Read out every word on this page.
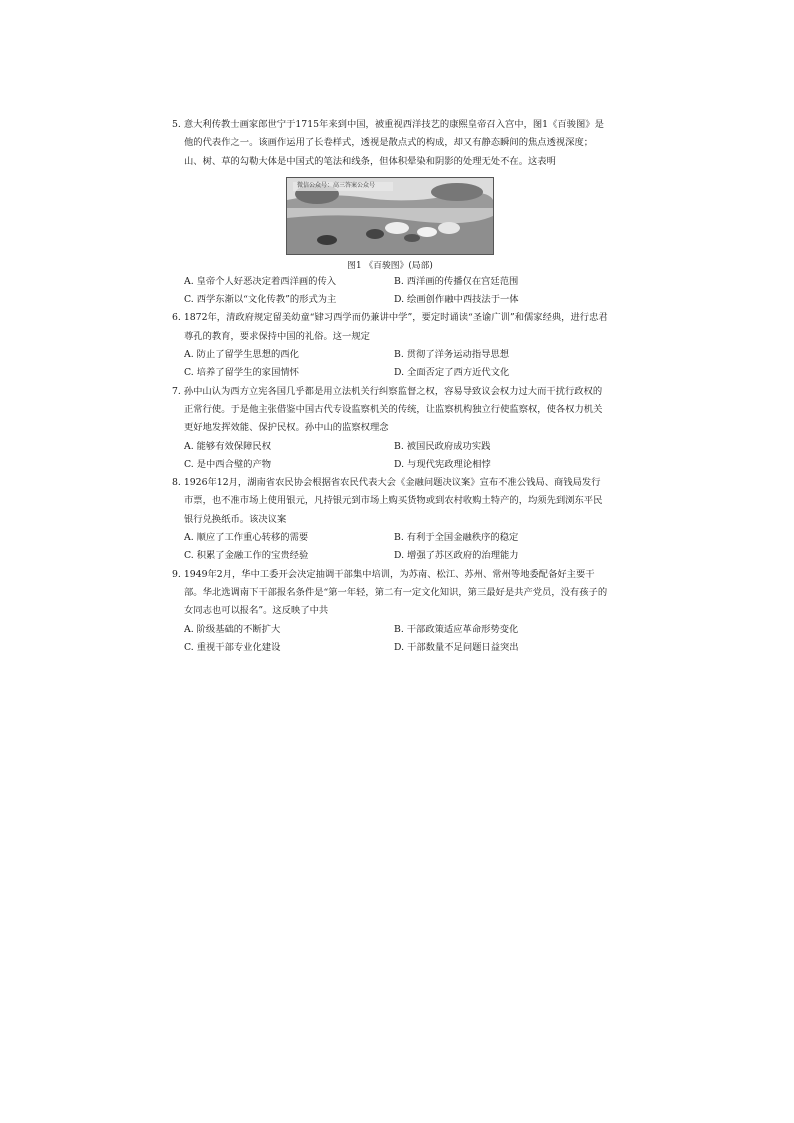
5. 意大利传教士画家郎世宁于1715年来到中国，被重视西洋技艺的康熙皇帝召入宫中，图1《百骏图》是他的代表作之一。该画作运用了长卷样式，透视是散点式的构成，却又有静态瞬间的焦点透视深度；山、树、草的勾勒大体是中国式的笔法和线条，但体积晕染和阴影的处理无处不在。这表明

微信公众号：高三答案公众号
图1 《百骏图》(局部)
A. 皇帝个人好恶决定着西洋画的传入	B. 西洋画的传播仅在宫廷范围
C. 西学东渐以“文化传教”的形式为主	D. 绘画创作融中西技法于一体

6. 1872年，清政府规定留美幼童“肄习西学而仍兼讲中学”，要定时诵读“圣谕广训”和儒家经典，进行忠君尊孔的教育，要求保持中国的礼俗。这一规定

A. 防止了留学生思想的西化	B. 贯彻了洋务运动指导思想
C. 培养了留学生的家国情怀	D. 全面否定了西方近代文化

7. 孙中山认为西方立宪各国几乎都是用立法机关行纠察监督之权，容易导致议会权力过大而干扰行政权的正常行使。于是他主张借鉴中国古代专设监察机关的传统，让监察机构独立行使监察权，使各权力机关更好地发挥效能、保护民权。孙中山的监察权理念

A. 能够有效保障民权	B. 被国民政府成功实践
C. 是中西合璧的产物	D. 与现代宪政理论相悖

8. 1926年12月，湖南省农民协会根据省农民代表大会《金融问题决议案》宣布不准公钱局、商钱局发行市票，也不准市场上使用银元，凡持银元到市场上购买货物或到农村收购土特产的，均须先到浏东平民银行兑换纸币。该决议案

A. 顺应了工作重心转移的需要	B. 有利于全国金融秩序的稳定
C. 积累了金融工作的宝贵经验	D. 增强了苏区政府的治理能力

9. 1949年2月，华中工委开会决定抽调干部集中培训，为苏南、松江、苏州、常州等地委配备好主要干部。华北选调南下干部报名条件是“第一年轻，第二有一定文化知识，第三最好是共产党员，没有孩子的女同志也可以报名”。这反映了中共

A. 阶级基础的不断扩大	B. 干部政策适应革命形势变化
C. 重视干部专业化建设	D. 干部数量不足问题日益突出
